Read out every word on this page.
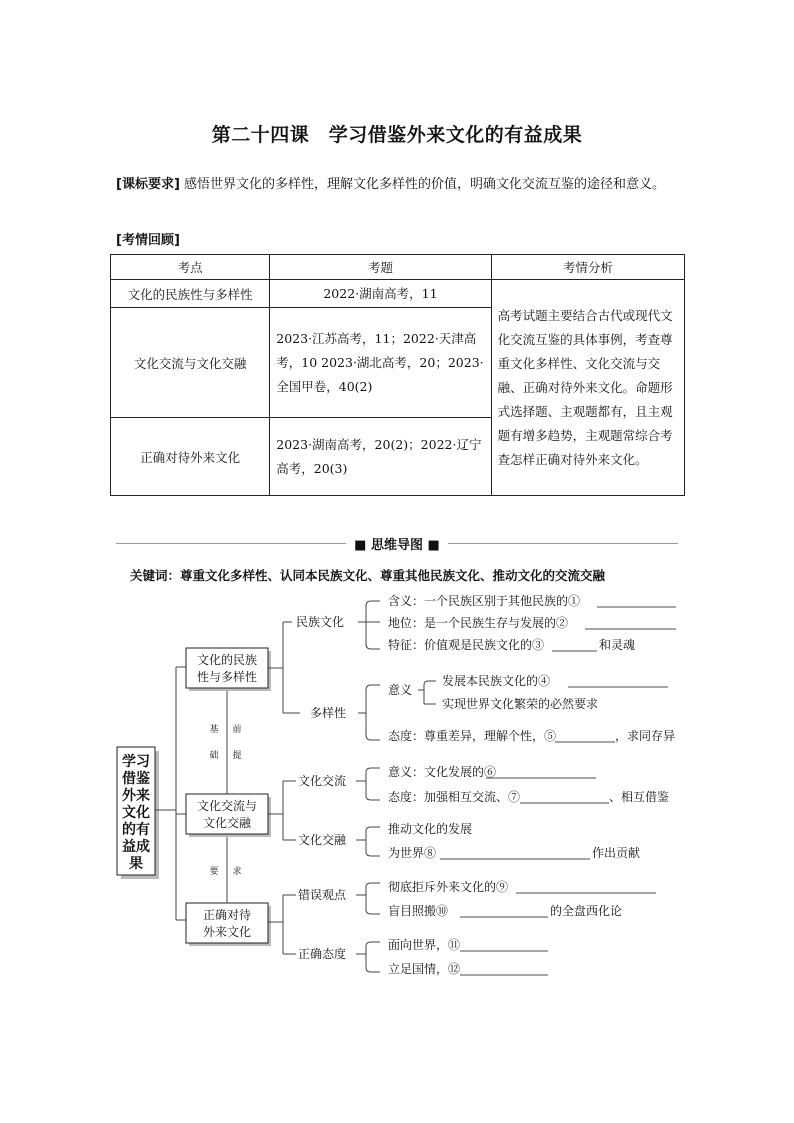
第二十四课　学习借鉴外来文化的有益成果
[课标要求] 感悟世界文化的多样性，理解文化多样性的价值，明确文化交流互鉴的途径和意义。
[考情回顾]
考点	考题	考情分析
文化的民族性与多样性	2022·湖南高考，11	高考试题主要结合古代或现代文化交流互鉴的具体事例，考查尊重文化多样性、文化交流与交融、正确对待外来文化。命题形式选择题、主观题都有，且主观题有增多趋势，主观题常综合考查怎样正确对待外来文化。
文化交流与文化交融	2023·江苏高考，11；2022·天津高考，10 2023·湖北高考，20；2023·全国甲卷，40(2)	
正确对待外来文化	2023·湖南高考，20(2)；2022·辽宁高考，20(3)	
■ 思维导图 ■
关键词：尊重文化多样性、认同本民族文化、尊重其他民族文化、推动文化的交流交融
学习
借鉴
外来
文化
的有
益成
果
文化的民族
性与多样性
文化交流与
文化交融
正确对待
外来文化
基
础
前
提
要 求
民族文化
多样性
含义：一个民族区别于其他民族的①
地位：是一个民族生存与发展的②
特征：价值观是民族文化的③	和灵魂
意义
发展本民族文化的④
实现世界文化繁荣的必然要求
态度：尊重差异，理解个性，⑤	，求同存异
文化交流
文化交融
意义：文化发展的⑥
态度：加强相互交流、⑦	、相互借鉴
推动文化的发展
为世界⑧	作出贡献
错误观点
正确态度
彻底拒斥外来文化的⑨
盲目照搬⑩	的全盘西化论
面向世界，⑪
立足国情，⑫
